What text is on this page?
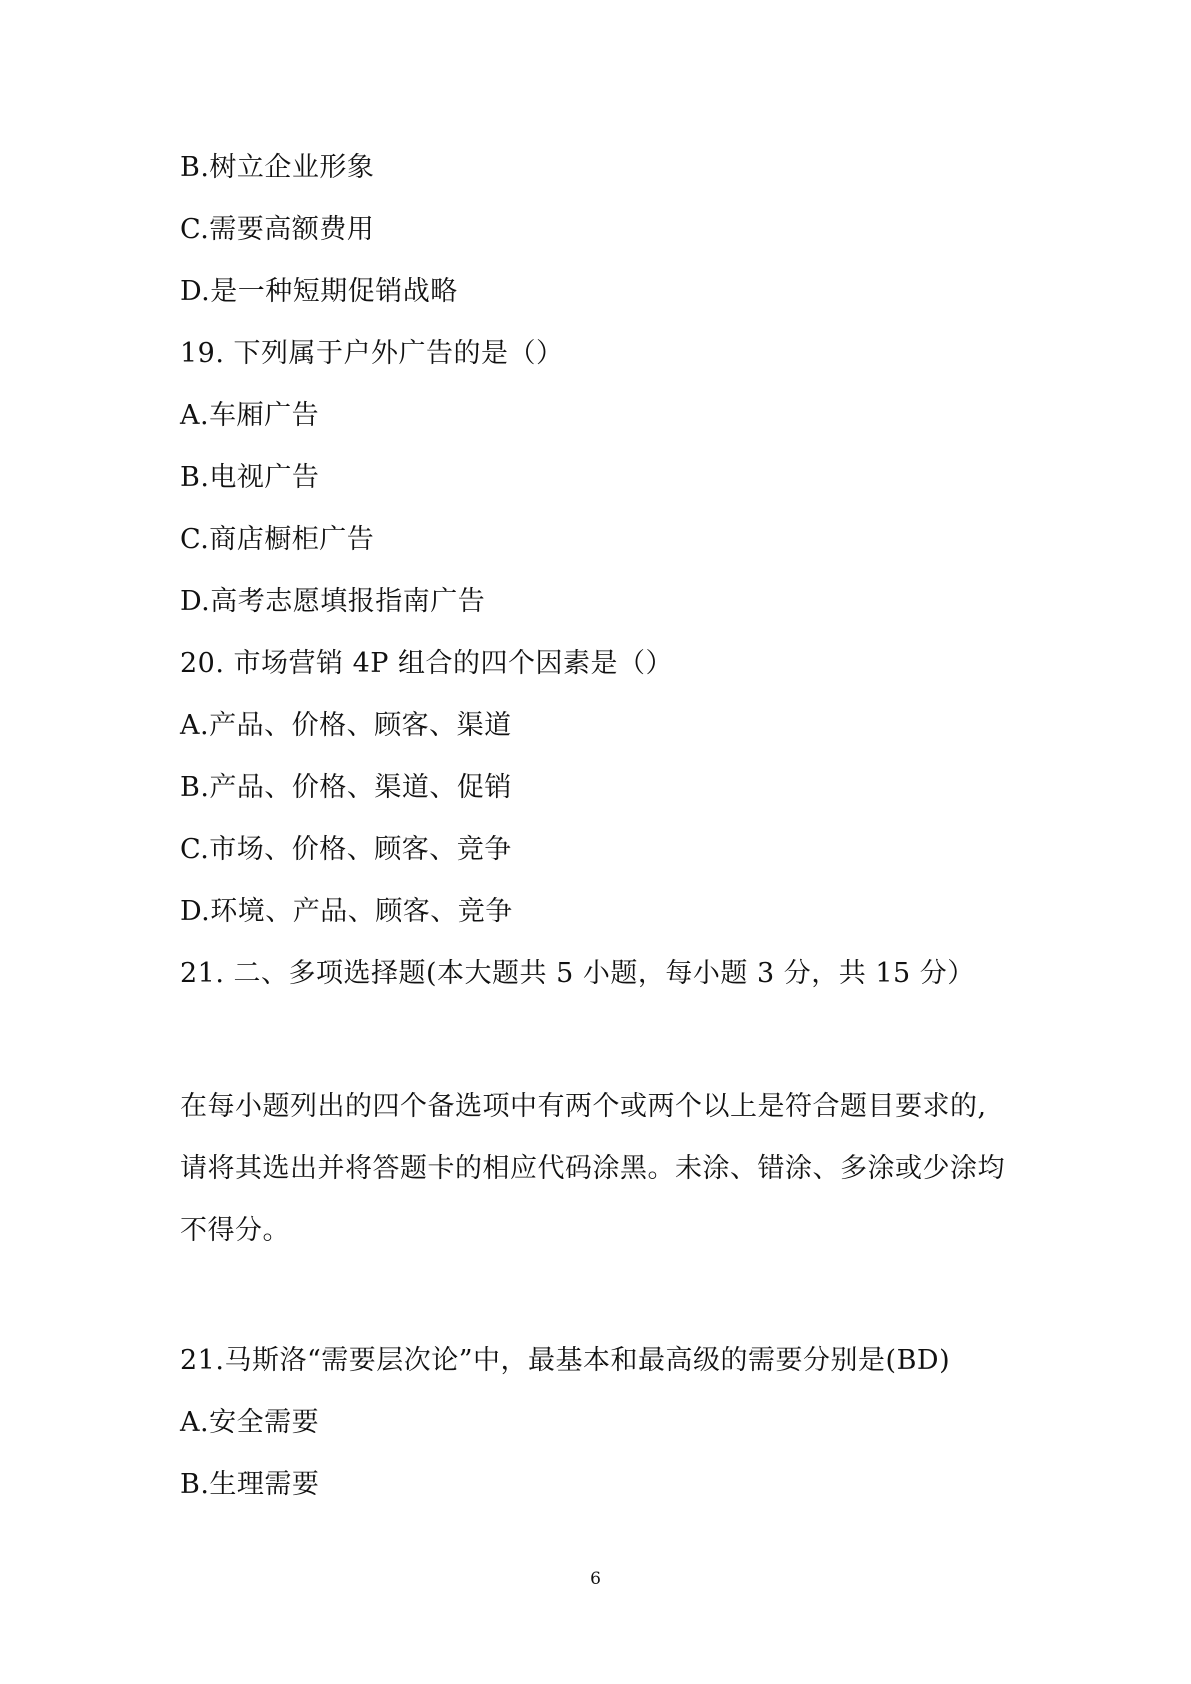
B.树立企业形象
C.需要高额费用
D.是一种短期促销战略
19. 下列属于户外广告的是（）
A.车厢广告
B.电视广告
C.商店橱柜广告
D.高考志愿填报指南广告
20. 市场营销 4P 组合的四个因素是（）
A.产品、价格、顾客、渠道
B.产品、价格、渠道、促销
C.市场、价格、顾客、竞争
D.环境、产品、顾客、竞争
21. 二、多项选择题(本大题共 5 小题，每小题 3 分，共 15 分）
在每小题列出的四个备选项中有两个或两个以上是符合题目要求的,
请将其选出并将答题卡的相应代码涂黑。未涂、错涂、多涂或少涂均
不得分。
21.马斯洛“需要层次论”中，最基本和最高级的需要分别是(BD)
A.安全需要
B.生理需要
6
